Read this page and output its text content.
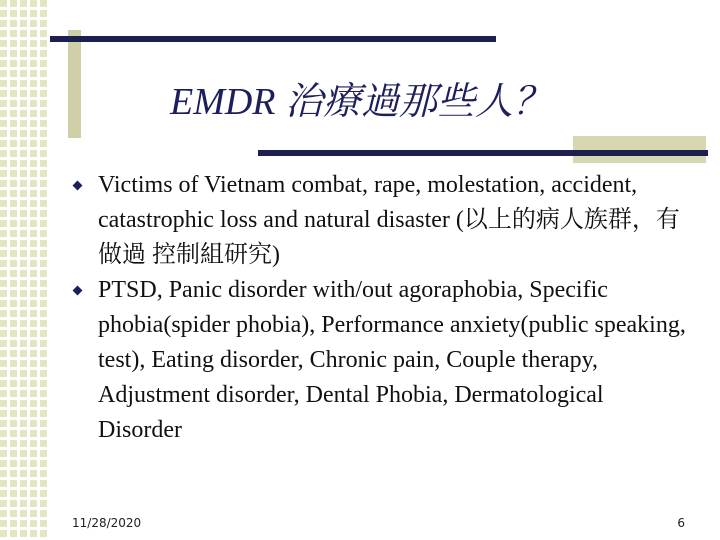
EMDR 治療過那些人？
Victims of Vietnam combat, rape, molestation, accident, catastrophic loss and natural disaster (以上的病人族群，有做過 控制組研究)
PTSD, Panic disorder with/out agoraphobia, Specific phobia(spider phobia), Performance anxiety(public speaking, test), Eating disorder, Chronic pain, Couple therapy, Adjustment disorder, Dental Phobia, Dermatological Disorder
11/28/2020	6
